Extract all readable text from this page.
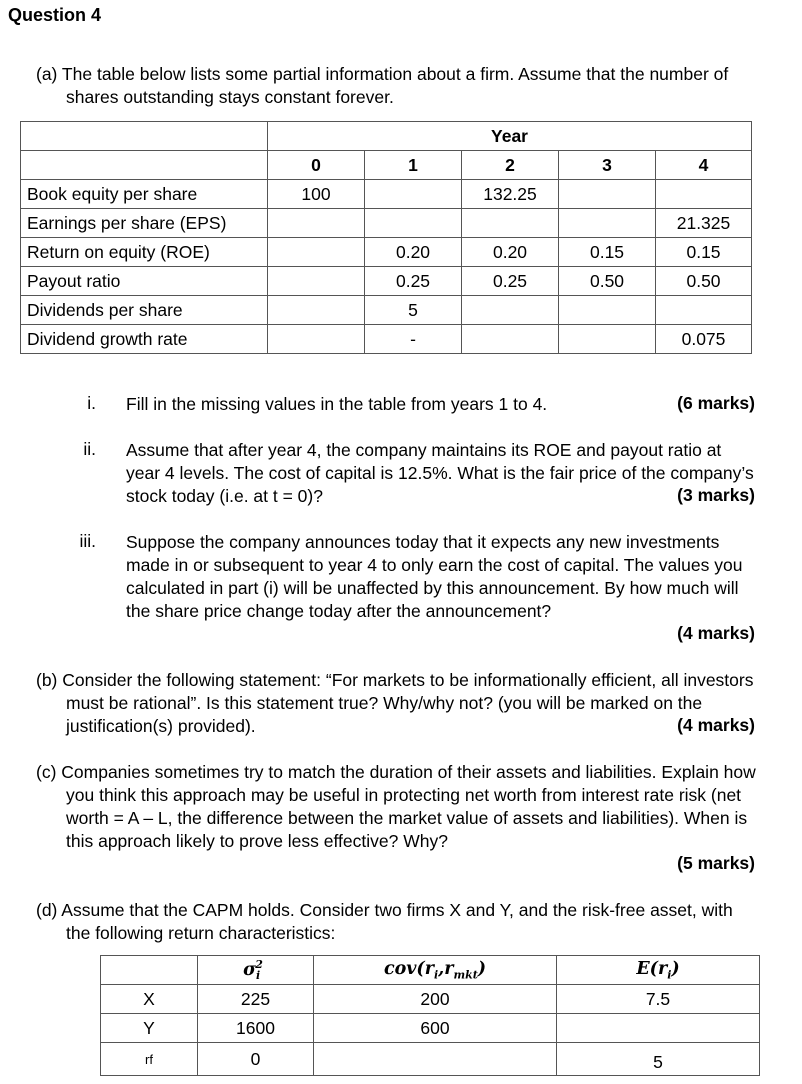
Question 4
(a) The table below lists some partial information about a firm. Assume that the number of shares outstanding stays constant forever.
	Year				
	0	1	2	3	4
Book equity per share	100		132.25		
Earnings per share (EPS)					21.325
Return on equity (ROE)		0.20	0.20	0.15	0.15
Payout ratio		0.25	0.25	0.50	0.50
Dividends per share		5			
Dividend growth rate		-			0.075
i. Fill in the missing values in the table from years 1 to 4.	(6 marks)
ii. Assume that after year 4, the company maintains its ROE and payout ratio at year 4 levels. The cost of capital is 12.5%. What is the fair price of the company’s stock today (i.e. at t = 0)?	(3 marks)
iii. Suppose the company announces today that it expects any new investments made in or subsequent to year 4 to only earn the cost of capital. The values you calculated in part (i) will be unaffected by this announcement. By how much will the share price change today after the announcement?
(4 marks)
(b) Consider the following statement: “For markets to be informationally efficient, all investors must be rational”. Is this statement true? Why/why not? (you will be marked on the justification(s) provided).	(4 marks)
(c) Companies sometimes try to match the duration of their assets and liabilities. Explain how you think this approach may be useful in protecting net worth from interest rate risk (net worth = A – L, the difference between the market value of assets and liabilities). When is this approach likely to prove less effective? Why?
(5 marks)
(d) Assume that the CAPM holds. Consider two firms X and Y, and the risk-free asset, with the following return characteristics:
	$\sigma_i^2$	$cov(r_i,r_{mkt})$	$E(r_i)$
X	225	200	7.5
Y	1600	600	
rf	0		5
